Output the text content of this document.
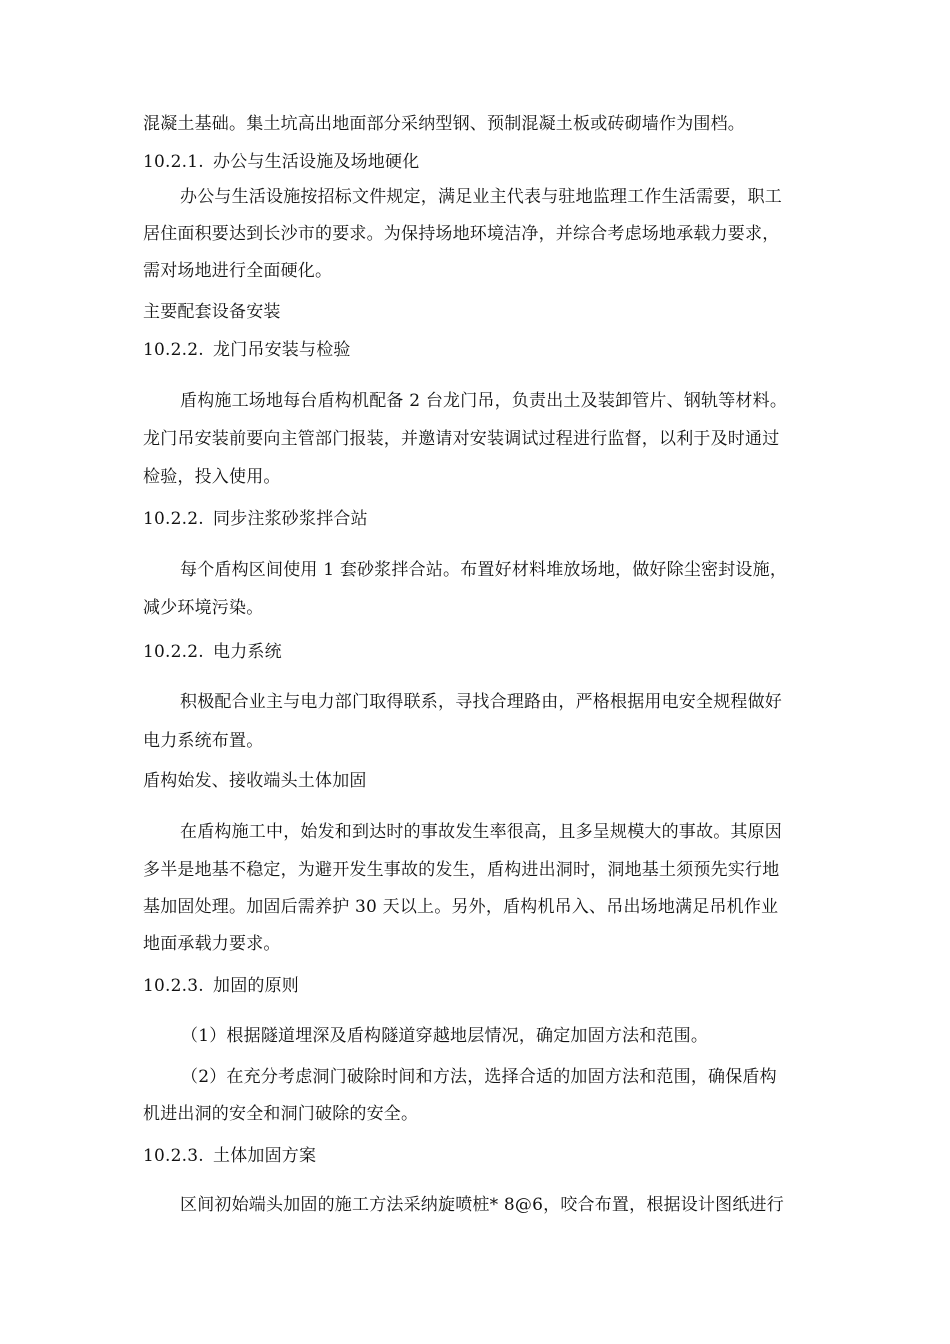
混凝土基础。集土坑高出地面部分采纳型钢、预制混凝土板或砖砌墙作为围档。
10.2.1. 办公与生活设施及场地硬化
办公与生活设施按招标文件规定，满足业主代表与驻地监理工作生活需要，职工
居住面积要达到长沙市的要求。为保持场地环境洁净，并综合考虑场地承载力要求，
需对场地进行全面硬化。
主要配套设备安装
10.2.2. 龙门吊安装与检验
盾构施工场地每台盾构机配备 2 台龙门吊，负责出土及装卸管片、钢轨等材料。
龙门吊安装前要向主管部门报装，并邀请对安装调试过程进行监督，以利于及时通过
检验，投入使用。
10.2.2. 同步注浆砂浆拌合站
每个盾构区间使用 1 套砂浆拌合站。布置好材料堆放场地，做好除尘密封设施，
减少环境污染。
10.2.2. 电力系统
积极配合业主与电力部门取得联系，寻找合理路由，严格根据用电安全规程做好
电力系统布置。
盾构始发、接收端头土体加固
在盾构施工中，始发和到达时的事故发生率很高，且多呈规模大的事故。其原因
多半是地基不稳定，为避开发生事故的发生，盾构进出洞时，洞地基土须预先实行地
基加固处理。加固后需养护 30 天以上。另外，盾构机吊入、吊出场地满足吊机作业
地面承载力要求。
10.2.3. 加固的原则
（1）根据隧道埋深及盾构隧道穿越地层情况，确定加固方法和范围。
（2）在充分考虑洞门破除时间和方法，选择合适的加固方法和范围，确保盾构
机进出洞的安全和洞门破除的安全。
10.2.3. 土体加固方案
区间初始端头加固的施工方法采纳旋喷桩* 8@6，咬合布置，根据设计图纸进行
